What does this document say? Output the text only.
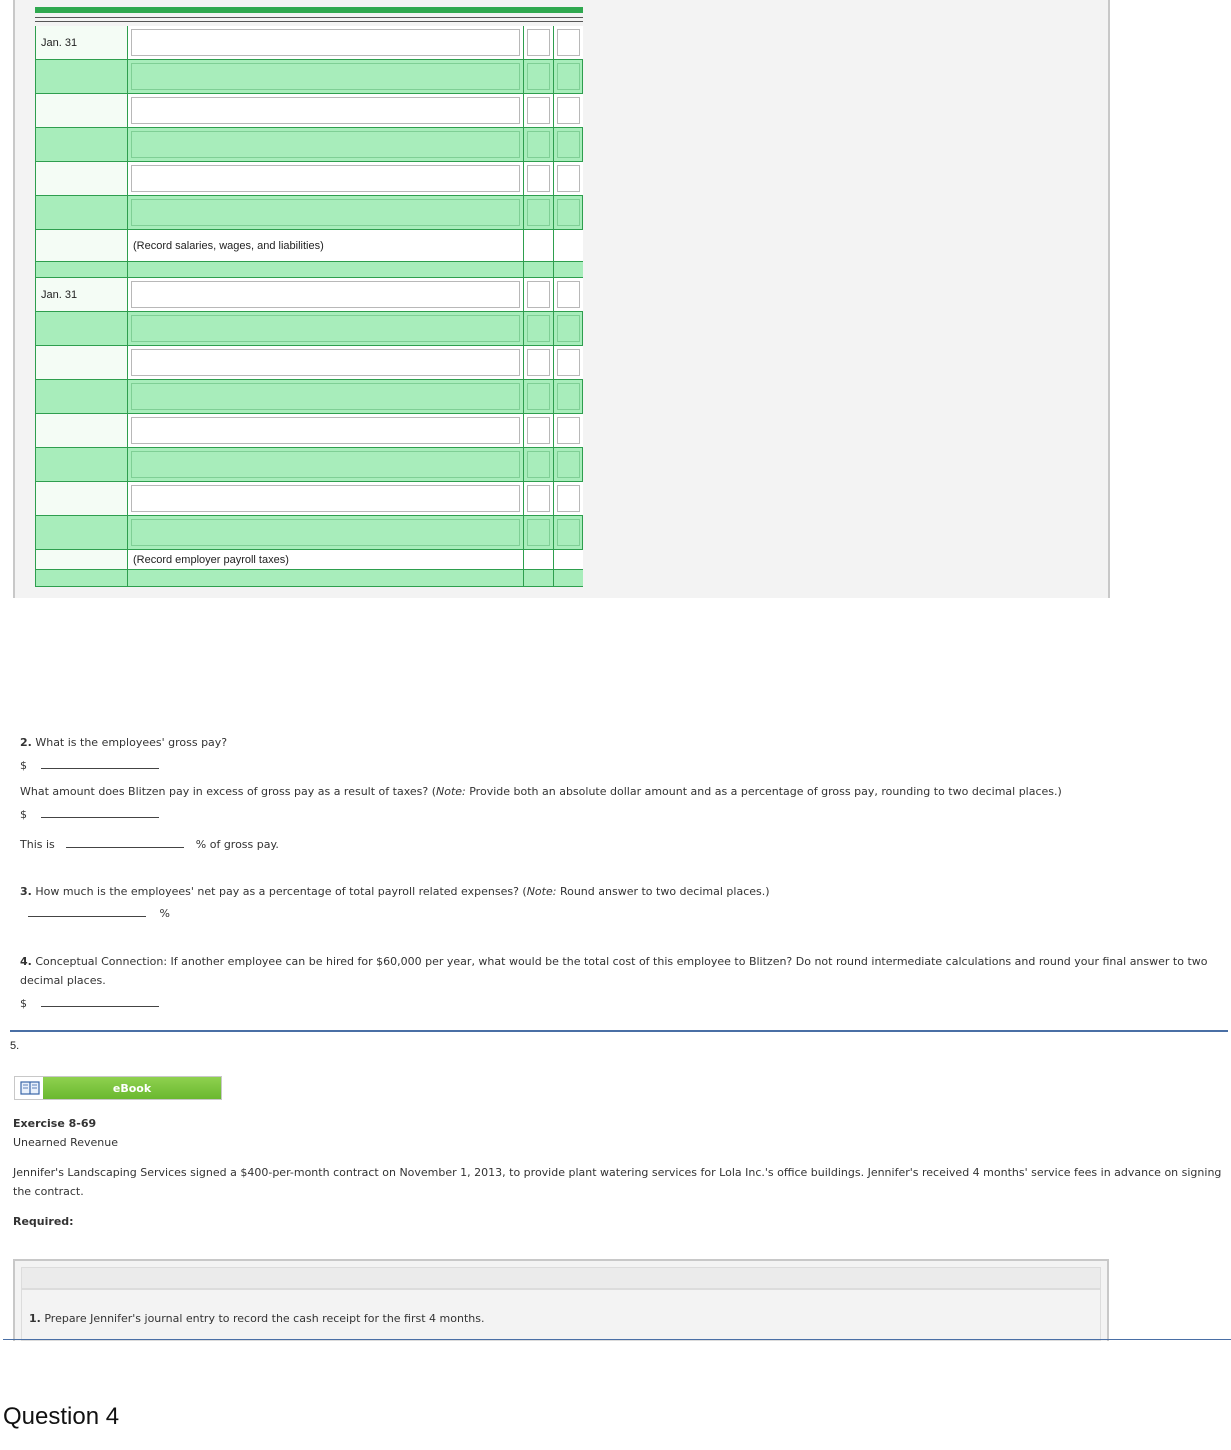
Jan. 31
(Record salaries, wages, and liabilities)
Jan. 31
(Record employer payroll taxes)
2. What is the employees' gross pay?
$
What amount does Blitzen pay in excess of gross pay as a result of taxes? (Note: Provide both an absolute dollar amount and as a percentage of gross pay, rounding to two decimal places.)
$
This is	% of gross pay.
3. How much is the employees' net pay as a percentage of total payroll related expenses? (Note: Round answer to two decimal places.)
%
4. Conceptual Connection: If another employee can be hired for $60,000 per year, what would be the total cost of this employee to Blitzen? Do not round intermediate calculations and round your final answer to two
decimal places.
$
5.
eBook
Exercise 8-69
Unearned Revenue
Jennifer's Landscaping Services signed a $400-per-month contract on November 1, 2013, to provide plant watering services for Lola Inc.'s office buildings. Jennifer's received 4 months' service fees in advance on signing
the contract.
Required:
1. Prepare Jennifer's journal entry to record the cash receipt for the first 4 months.
Question 4
